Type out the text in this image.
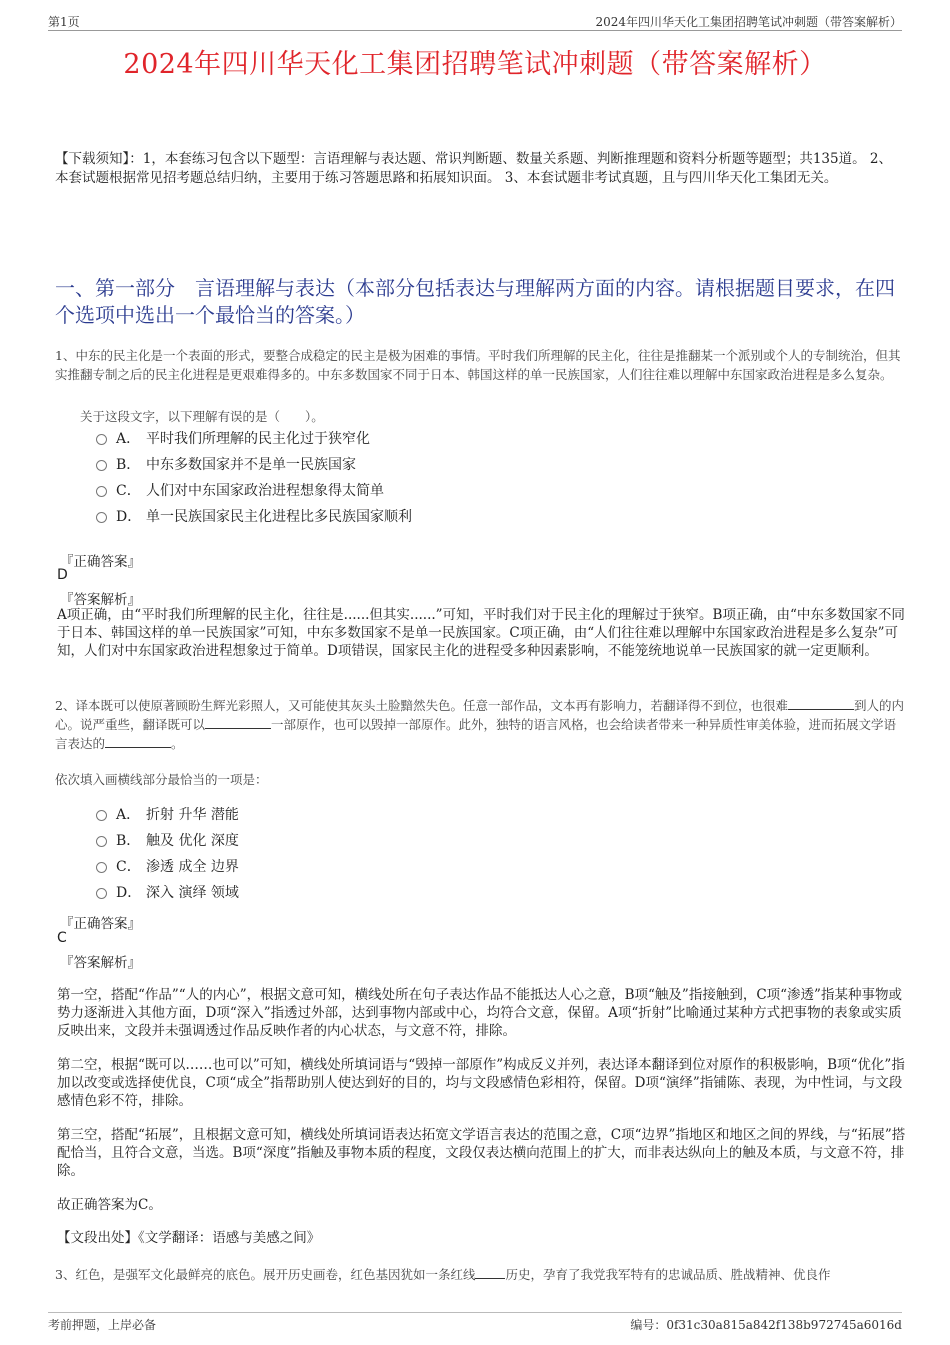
第1页	2024年四川华天化工集团招聘笔试冲刺题（带答案解析）
2024年四川华天化工集团招聘笔试冲刺题（带答案解析）
【下载须知】：1，本套练习包含以下题型：言语理解与表达题、常识判断题、数量关系题、判断推理题和资料分析题等题型；共135道。 2、本套试题根据常见招考题总结归纳，主要用于练习答题思路和拓展知识面。 3、本套试题非考试真题，且与四川华天化工集团无关。
一、第一部分　言语理解与表达（本部分包括表达与理解两方面的内容。请根据题目要求，在四个选项中选出一个最恰当的答案。）
1、中东的民主化是一个表面的形式，要整合成稳定的民主是极为困难的事情。平时我们所理解的民主化，往往是推翻某一个派别或个人的专制统治，但其实推翻专制之后的民主化进程是更艰难得多的。中东多数国家不同于日本、韩国这样的单一民族国家，人们往往难以理解中东国家政治进程是多么复杂。
关于这段文字，以下理解有误的是（　　）。
A． 平时我们所理解的民主化过于狭窄化
B． 中东多数国家并不是单一民族国家
C． 人们对中东国家政治进程想象得太简单
D． 单一民族国家民主化进程比多民族国家顺利
『正确答案』
D
『答案解析』
A项正确，由“平时我们所理解的民主化，往往是......但其实......”可知，平时我们对于民主化的理解过于狭窄。B项正确，由“中东多数国家不同于日本、韩国这样的单一民族国家”可知，中东多数国家不是单一民族国家。C项正确，由“人们往往难以理解中东国家政治进程是多么复杂”可知，人们对中东国家政治进程想象过于简单。D项错误，国家民主化的进程受多种因素影响，不能笼统地说单一民族国家的就一定更顺利。
2、译本既可以使原著顾盼生辉光彩照人，又可能使其灰头土脸黯然失色。任意一部作品，文本再有影响力，若翻译得不到位，也很难	到人的内心。说严重些，翻译既可以	一部原作，也可以毁掉一部原作。此外，独特的语言风格，也会给读者带来一种异质性审美体验，进而拓展文学语言表达的	。
依次填入画横线部分最恰当的一项是：
A． 折射 升华 潜能
B． 触及 优化 深度
C． 渗透 成全 边界
D． 深入 演绎 领域
『正确答案』
C
『答案解析』
第一空，搭配“作品”“人的内心”，根据文意可知，横线处所在句子表达作品不能抵达人心之意，B项“触及”指接触到，C项“渗透”指某种事物或势力逐渐进入其他方面，D项“深入”指透过外部，达到事物内部或中心，均符合文意，保留。A项“折射”比喻通过某种方式把事物的表象或实质反映出来，文段并未强调透过作品反映作者的内心状态，与文意不符，排除。
第二空，根据“既可以……也可以”可知，横线处所填词语与“毁掉一部原作”构成反义并列，表达译本翻译到位对原作的积极影响，B项“优化”指加以改变或选择使优良，C项“成全”指帮助别人使达到好的目的，均与文段感情色彩相符，保留。D项“演绎”指铺陈、表现，为中性词，与文段感情色彩不符，排除。
第三空，搭配“拓展”，且根据文意可知，横线处所填词语表达拓宽文学语言表达的范围之意，C项“边界”指地区和地区之间的界线，与“拓展”搭配恰当，且符合文意，当选。B项“深度”指触及事物本质的程度，文段仅表达横向范围上的扩大，而非表达纵向上的触及本质，与文意不符，排除。
故正确答案为C。
【文段出处】《文学翻译：语感与美感之间》
3、红色，是强军文化最鲜亮的底色。展开历史画卷，红色基因犹如一条红线 历史，孕育了我党我军特有的忠诚品质、胜战精神、优良作
考前押题，上岸必备	编号：0f31c30a815a842f138b972745a6016d
